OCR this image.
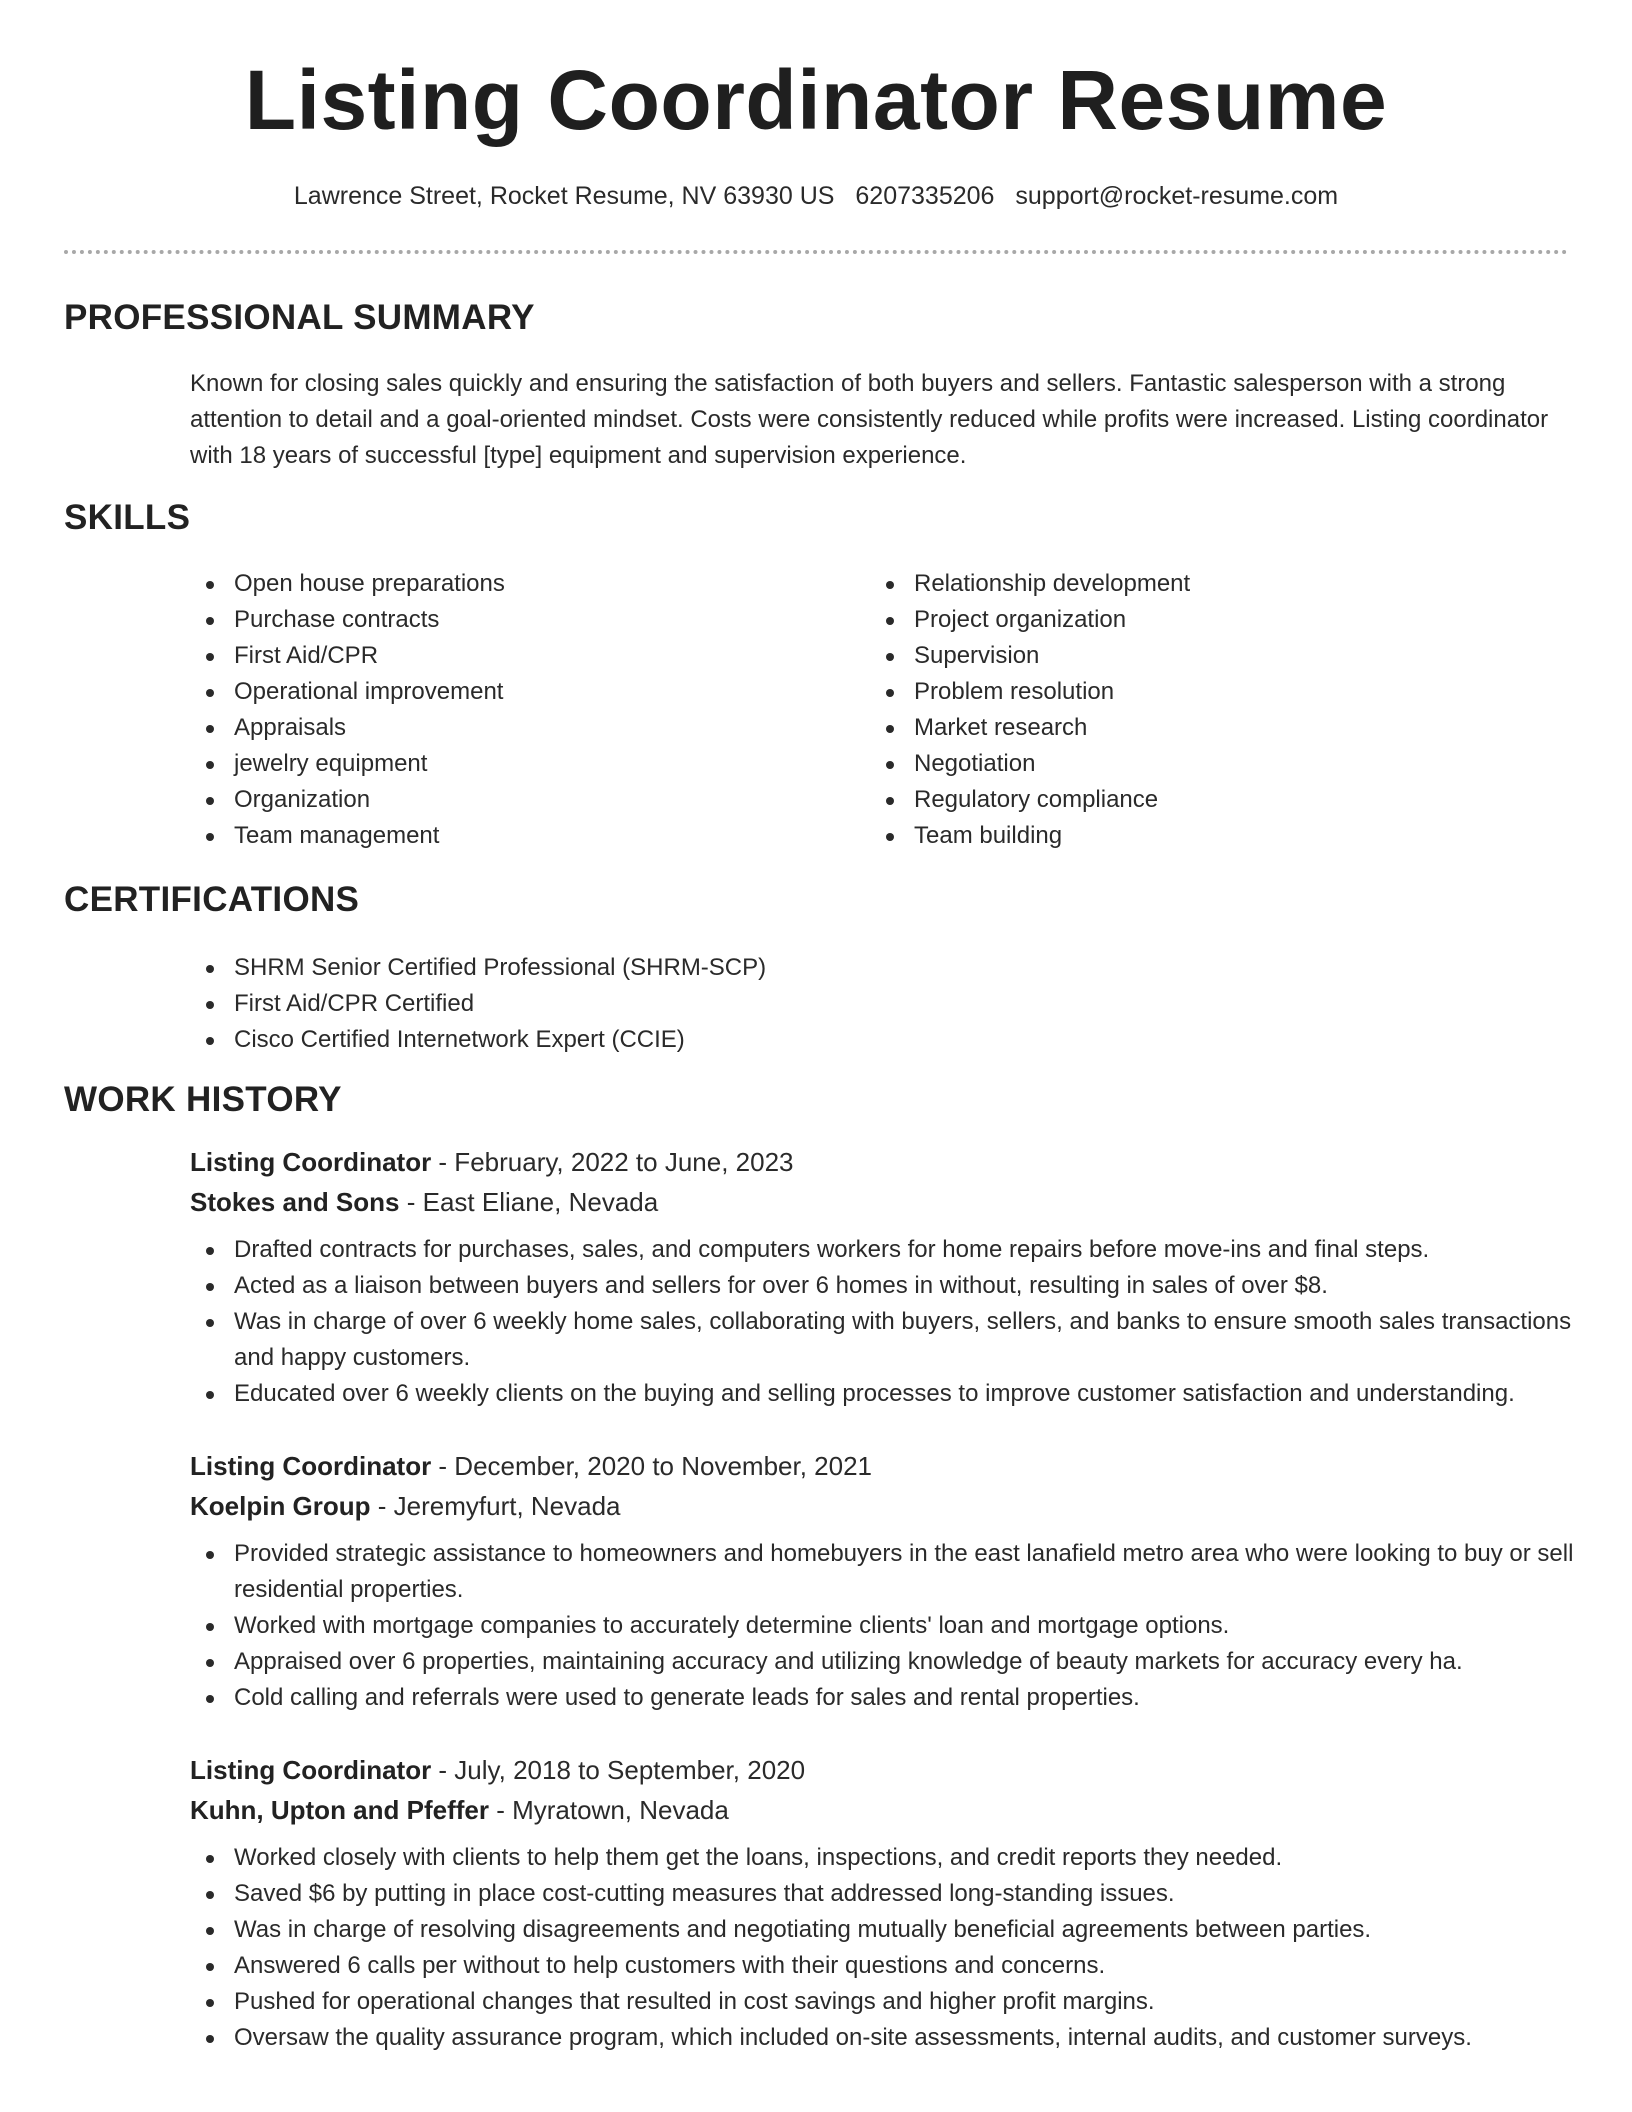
Listing Coordinator Resume
Lawrence Street, Rocket Resume, NV 63930 US 6207335206 support@rocket-resume.com
PROFESSIONAL SUMMARY

Known for closing sales quickly and ensuring the satisfaction of both buyers and sellers. Fantastic salesperson with a strong attention to detail and a goal-oriented mindset. Costs were consistently reduced while profits were increased. Listing coordinator with 18 years of successful [type] equipment and supervision experience.

SKILLS
Open house preparations
Purchase contracts
First Aid/CPR
Operational improvement
Appraisals
jewelry equipment
Organization
Team management
Relationship development
Project organization
Supervision
Problem resolution
Market research
Negotiation
Regulatory compliance
Team building
CERTIFICATIONS
SHRM Senior Certified Professional (SHRM-SCP)
First Aid/CPR Certified
Cisco Certified Internetwork Expert (CCIE)
WORK HISTORY
Listing Coordinator - February, 2022 to June, 2023
Stokes and Sons - East Eliane, Nevada
Drafted contracts for purchases, sales, and computers workers for home repairs before move-ins and final steps.
Acted as a liaison between buyers and sellers for over 6 homes in without, resulting in sales of over $8.
Was in charge of over 6 weekly home sales, collaborating with buyers, sellers, and banks to ensure smooth sales transactions and happy customers.
Educated over 6 weekly clients on the buying and selling processes to improve customer satisfaction and understanding.
Listing Coordinator - December, 2020 to November, 2021
Koelpin Group - Jeremyfurt, Nevada
Provided strategic assistance to homeowners and homebuyers in the east lanafield metro area who were looking to buy or sell residential properties.
Worked with mortgage companies to accurately determine clients' loan and mortgage options.
Appraised over 6 properties, maintaining accuracy and utilizing knowledge of beauty markets for accuracy every ha.
Cold calling and referrals were used to generate leads for sales and rental properties.
Listing Coordinator - July, 2018 to September, 2020
Kuhn, Upton and Pfeffer - Myratown, Nevada
Worked closely with clients to help them get the loans, inspections, and credit reports they needed.
Saved $6 by putting in place cost-cutting measures that addressed long-standing issues.
Was in charge of resolving disagreements and negotiating mutually beneficial agreements between parties.
Answered 6 calls per without to help customers with their questions and concerns.
Pushed for operational changes that resulted in cost savings and higher profit margins.
Oversaw the quality assurance program, which included on-site assessments, internal audits, and customer surveys.
